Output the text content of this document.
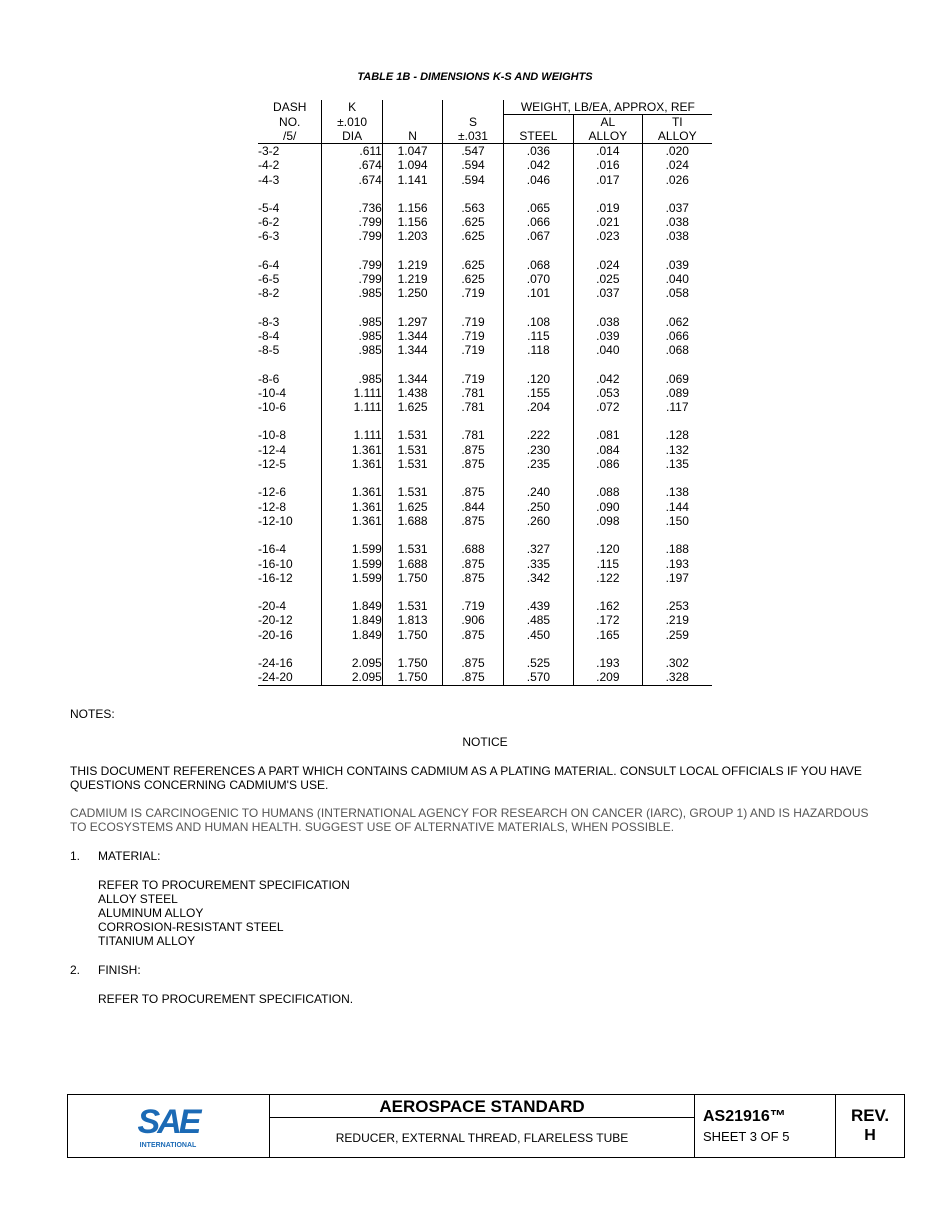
TABLE 1B - DIMENSIONS K-S AND WEIGHTS
DASH	K			WEIGHT, LB/EA, APPROX, REF		
NO.	±.010		S		AL	TI
/5/	DIA	N	±.031	STEEL	ALLOY	ALLOY
-3-2	.611	1.047	.547	.036	.014	.020
-4-2	.674	1.094	.594	.042	.016	.024
-4-3	.674	1.141	.594	.046	.017	.026

-5-4	.736	1.156	.563	.065	.019	.037
-6-2	.799	1.156	.625	.066	.021	.038
-6-3	.799	1.203	.625	.067	.023	.038

-6-4	.799	1.219	.625	.068	.024	.039
-6-5	.799	1.219	.625	.070	.025	.040
-8-2	.985	1.250	.719	.101	.037	.058

-8-3	.985	1.297	.719	.108	.038	.062
-8-4	.985	1.344	.719	.115	.039	.066
-8-5	.985	1.344	.719	.118	.040	.068

-8-6	.985	1.344	.719	.120	.042	.069
-10-4	1.111	1.438	.781	.155	.053	.089
-10-6	1.111	1.625	.781	.204	.072	.117

-10-8	1.111	1.531	.781	.222	.081	.128
-12-4	1.361	1.531	.875	.230	.084	.132
-12-5	1.361	1.531	.875	.235	.086	.135

-12-6	1.361	1.531	.875	.240	.088	.138
-12-8	1.361	1.625	.844	.250	.090	.144
-12-10	1.361	1.688	.875	.260	.098	.150

-16-4	1.599	1.531	.688	.327	.120	.188
-16-10	1.599	1.688	.875	.335	.115	.193
-16-12	1.599	1.750	.875	.342	.122	.197

-20-4	1.849	1.531	.719	.439	.162	.253
-20-12	1.849	1.813	.906	.485	.172	.219
-20-16	1.849	1.750	.875	.450	.165	.259

-24-16	2.095	1.750	.875	.525	.193	.302
-24-20	2.095	1.750	.875	.570	.209	.328
NOTES:
NOTICE
THIS DOCUMENT REFERENCES A PART WHICH CONTAINS CADMIUM AS A PLATING MATERIAL. CONSULT LOCAL OFFICIALS IF YOU HAVE QUESTIONS CONCERNING CADMIUM'S USE.
CADMIUM IS CARCINOGENIC TO HUMANS (INTERNATIONAL AGENCY FOR RESEARCH ON CANCER (IARC), GROUP 1) AND IS HAZARDOUS TO ECOSYSTEMS AND HUMAN HEALTH. SUGGEST USE OF ALTERNATIVE MATERIALS, WHEN POSSIBLE.
1. MATERIAL:
REFER TO PROCUREMENT SPECIFICATION
ALLOY STEEL
ALUMINUM ALLOY
CORROSION-RESISTANT STEEL
TITANIUM ALLOY
2. FINISH:
REFER TO PROCUREMENT SPECIFICATION.
SAE
INTERNATIONAL
AEROSPACE STANDARD
REDUCER, EXTERNAL THREAD, FLARELESS TUBE
AS21916™
SHEET 3 OF 5
REV.
H
